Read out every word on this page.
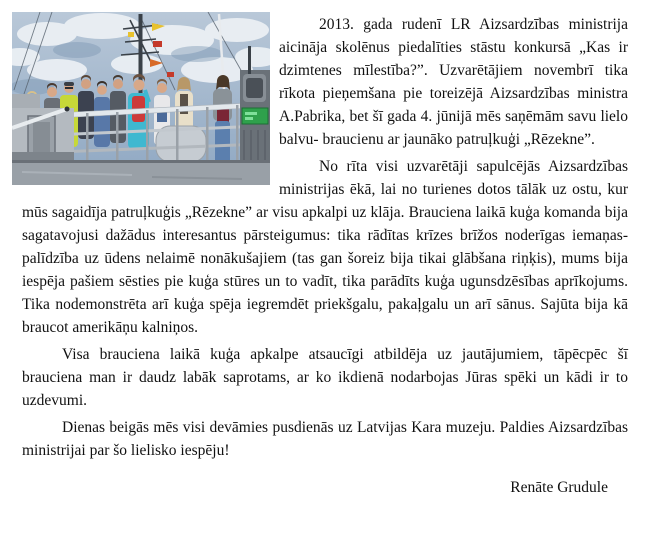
2013. gada rudenī LR Aizsardzības ministrija aicināja skolēnus piedalīties stāstu konkursā „Kas ir dzimtenes mīlestība?”. Uzvarētājiem novembrī tika rīkota pieņemšana pie toreizējā Aizsardzības ministra A.Pabrika, bet šī gada 4. jūnijā mēs saņēmām savu lielo balvu- braucienu ar jaunāko patruļkuģi „Rēzekne”.

No rīta visi uzvarētāji sapulcējās Aizsardzības ministrijas ēkā, lai no turienes dotos tālāk uz ostu, kur mūs sagaidīja patruļkuģis „Rēzekne” ar visu apkalpi uz klāja. Brauciena laikā kuģa komanda bija sagatavojusi dažādus interesantus pārsteigumus: tika rādītas krīzes brīžos noderīgas iemaņas- palīdzība uz ūdens nelaimē nonākušajiem (tas gan šoreiz bija tikai glābšana riņķis), mums bija iespēja pašiem sēsties pie kuģa stūres un to vadīt, tika parādīts kuģa ugunsdzēsības aprīkojums. Tika nodemonstrēta arī kuģa spēja iegremdēt priekšgalu, pakaļgalu un arī sānus. Sajūta bija kā braucot amerikāņu kalniņos.

Visa brauciena laikā kuģa apkalpe atsaucīgi atbildēja uz jautājumiem, tāpēcpēc šī brauciena man ir daudz labāk saprotams, ar ko ikdienā nodarbojas Jūras spēki un kādi ir to uzdevumi.

Dienas beigās mēs visi devāmies pusdienās uz Latvijas Kara muzeju. Paldies Aizsardzības ministrijai par šo lielisko iespēju!

Renāte Grudule
